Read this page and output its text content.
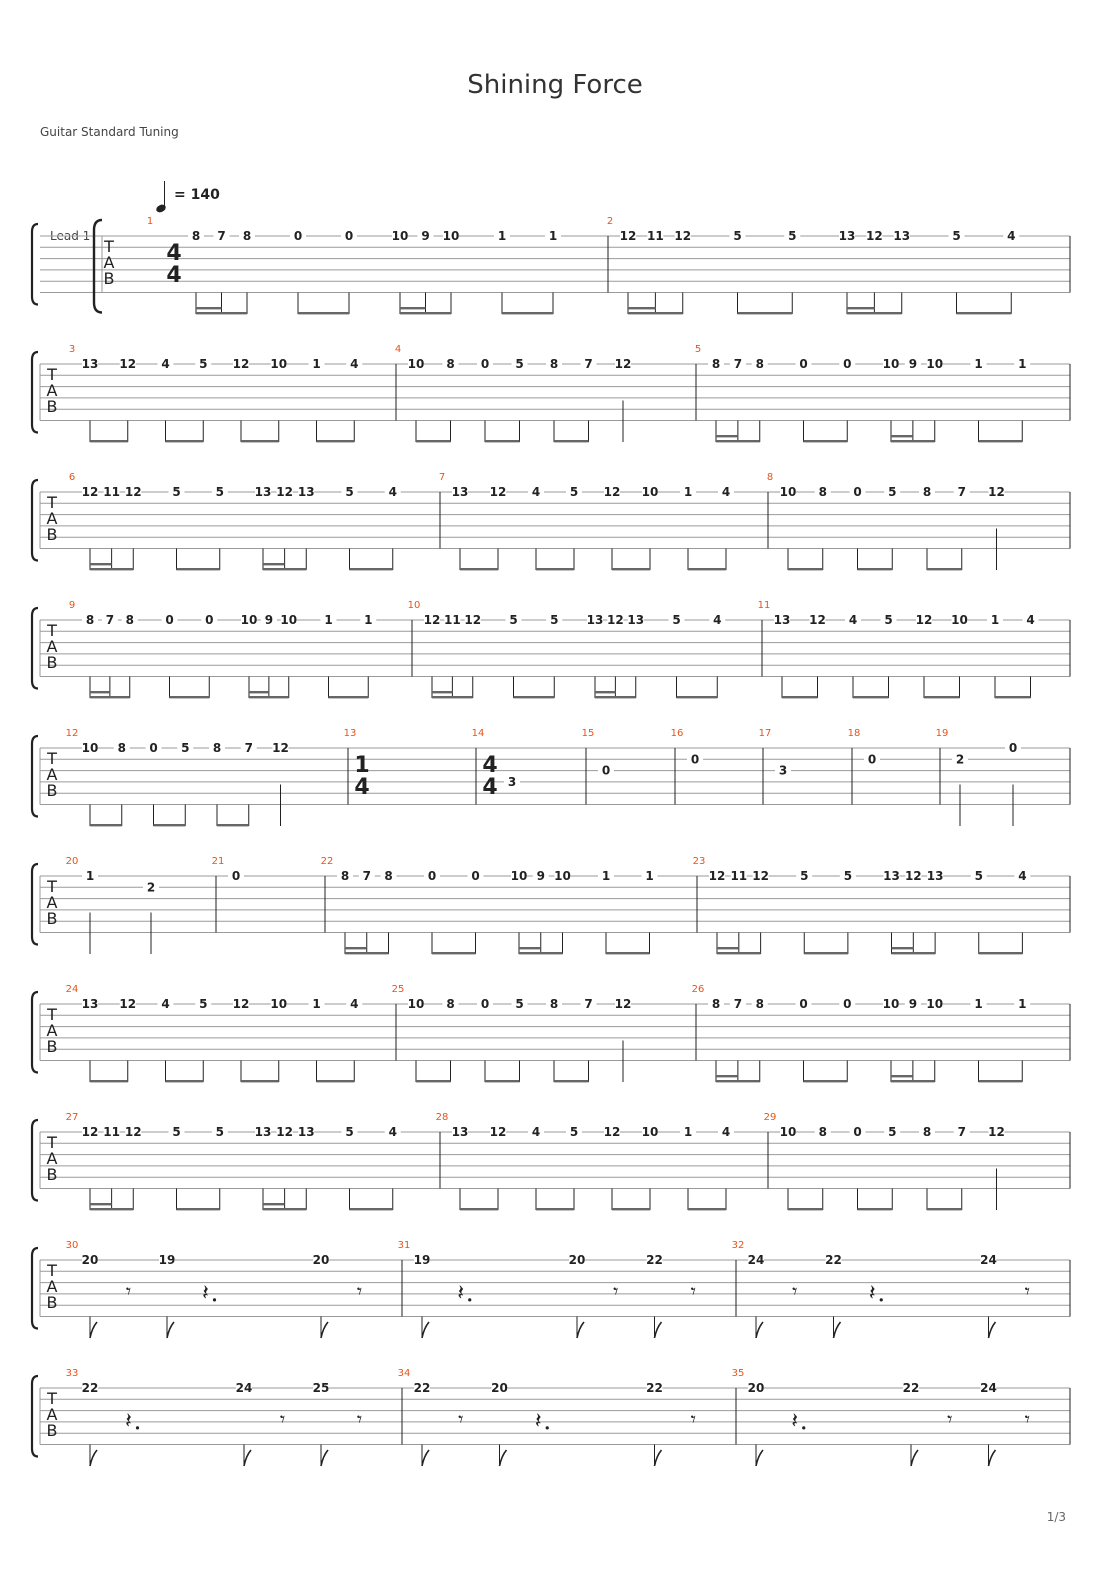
Shining Force
Guitar Standard Tuning
= 140
Lead 1
1/3
T
A
B
1
4
4
8 7 8	0	0	10 9 10	1	1
2
12 11 12	5	5	13 12 13	5	4
T
A
B
3
13 12 4 5 12 10 1 4
4
10 8 0 5 8 7 12
5
8 7 8	0	0	10 9 10	1	1
T
A
B
6
12 11 12	5	5	13 12 13	5	4
7
13 12 4 5 12 10 1 4
8
10 8 0 5 8 7 12
T
A
B
9
8 7 8	0	0 10 9 10 1	1
10
12 11 12 5	5 13 12 13 5	4
11
13 12 4 5 12 10 1 4
T
A
B
12
10 8 0 5 8 7 12
13
1
4
14
4
4 3
15
0
16
0
17
3
18
0
19
2
0
T
A
B
20
1
2
21
0
22
8 7 8	0	0	10 9 10	1	1
23
12 11 12	5	5	13 12 13	5	4
T
A
B
24
13 12 4 5 12 10 1 4
25
10 8 0 5 8 7 12
26
8 7 8	0	0	10 9 10	1	1
T
A
B
27
12 11 12	5	5	13 12 13	5	4
28
13 12 4 5 12 10 1 4
29
10 8 0 5 8 7 12
T
A
B
30
20
𝄾
19
𝄽
20
𝄾
31
19
𝄽
20
𝄾
22
𝄾
32
24
𝄾
22
𝄽
24
𝄾
T
A
B
33
22
𝄽
24
𝄾
25
𝄾
34
22
𝄾
20
𝄽
22
𝄾
35
20
𝄽
22
𝄾
24
𝄾
